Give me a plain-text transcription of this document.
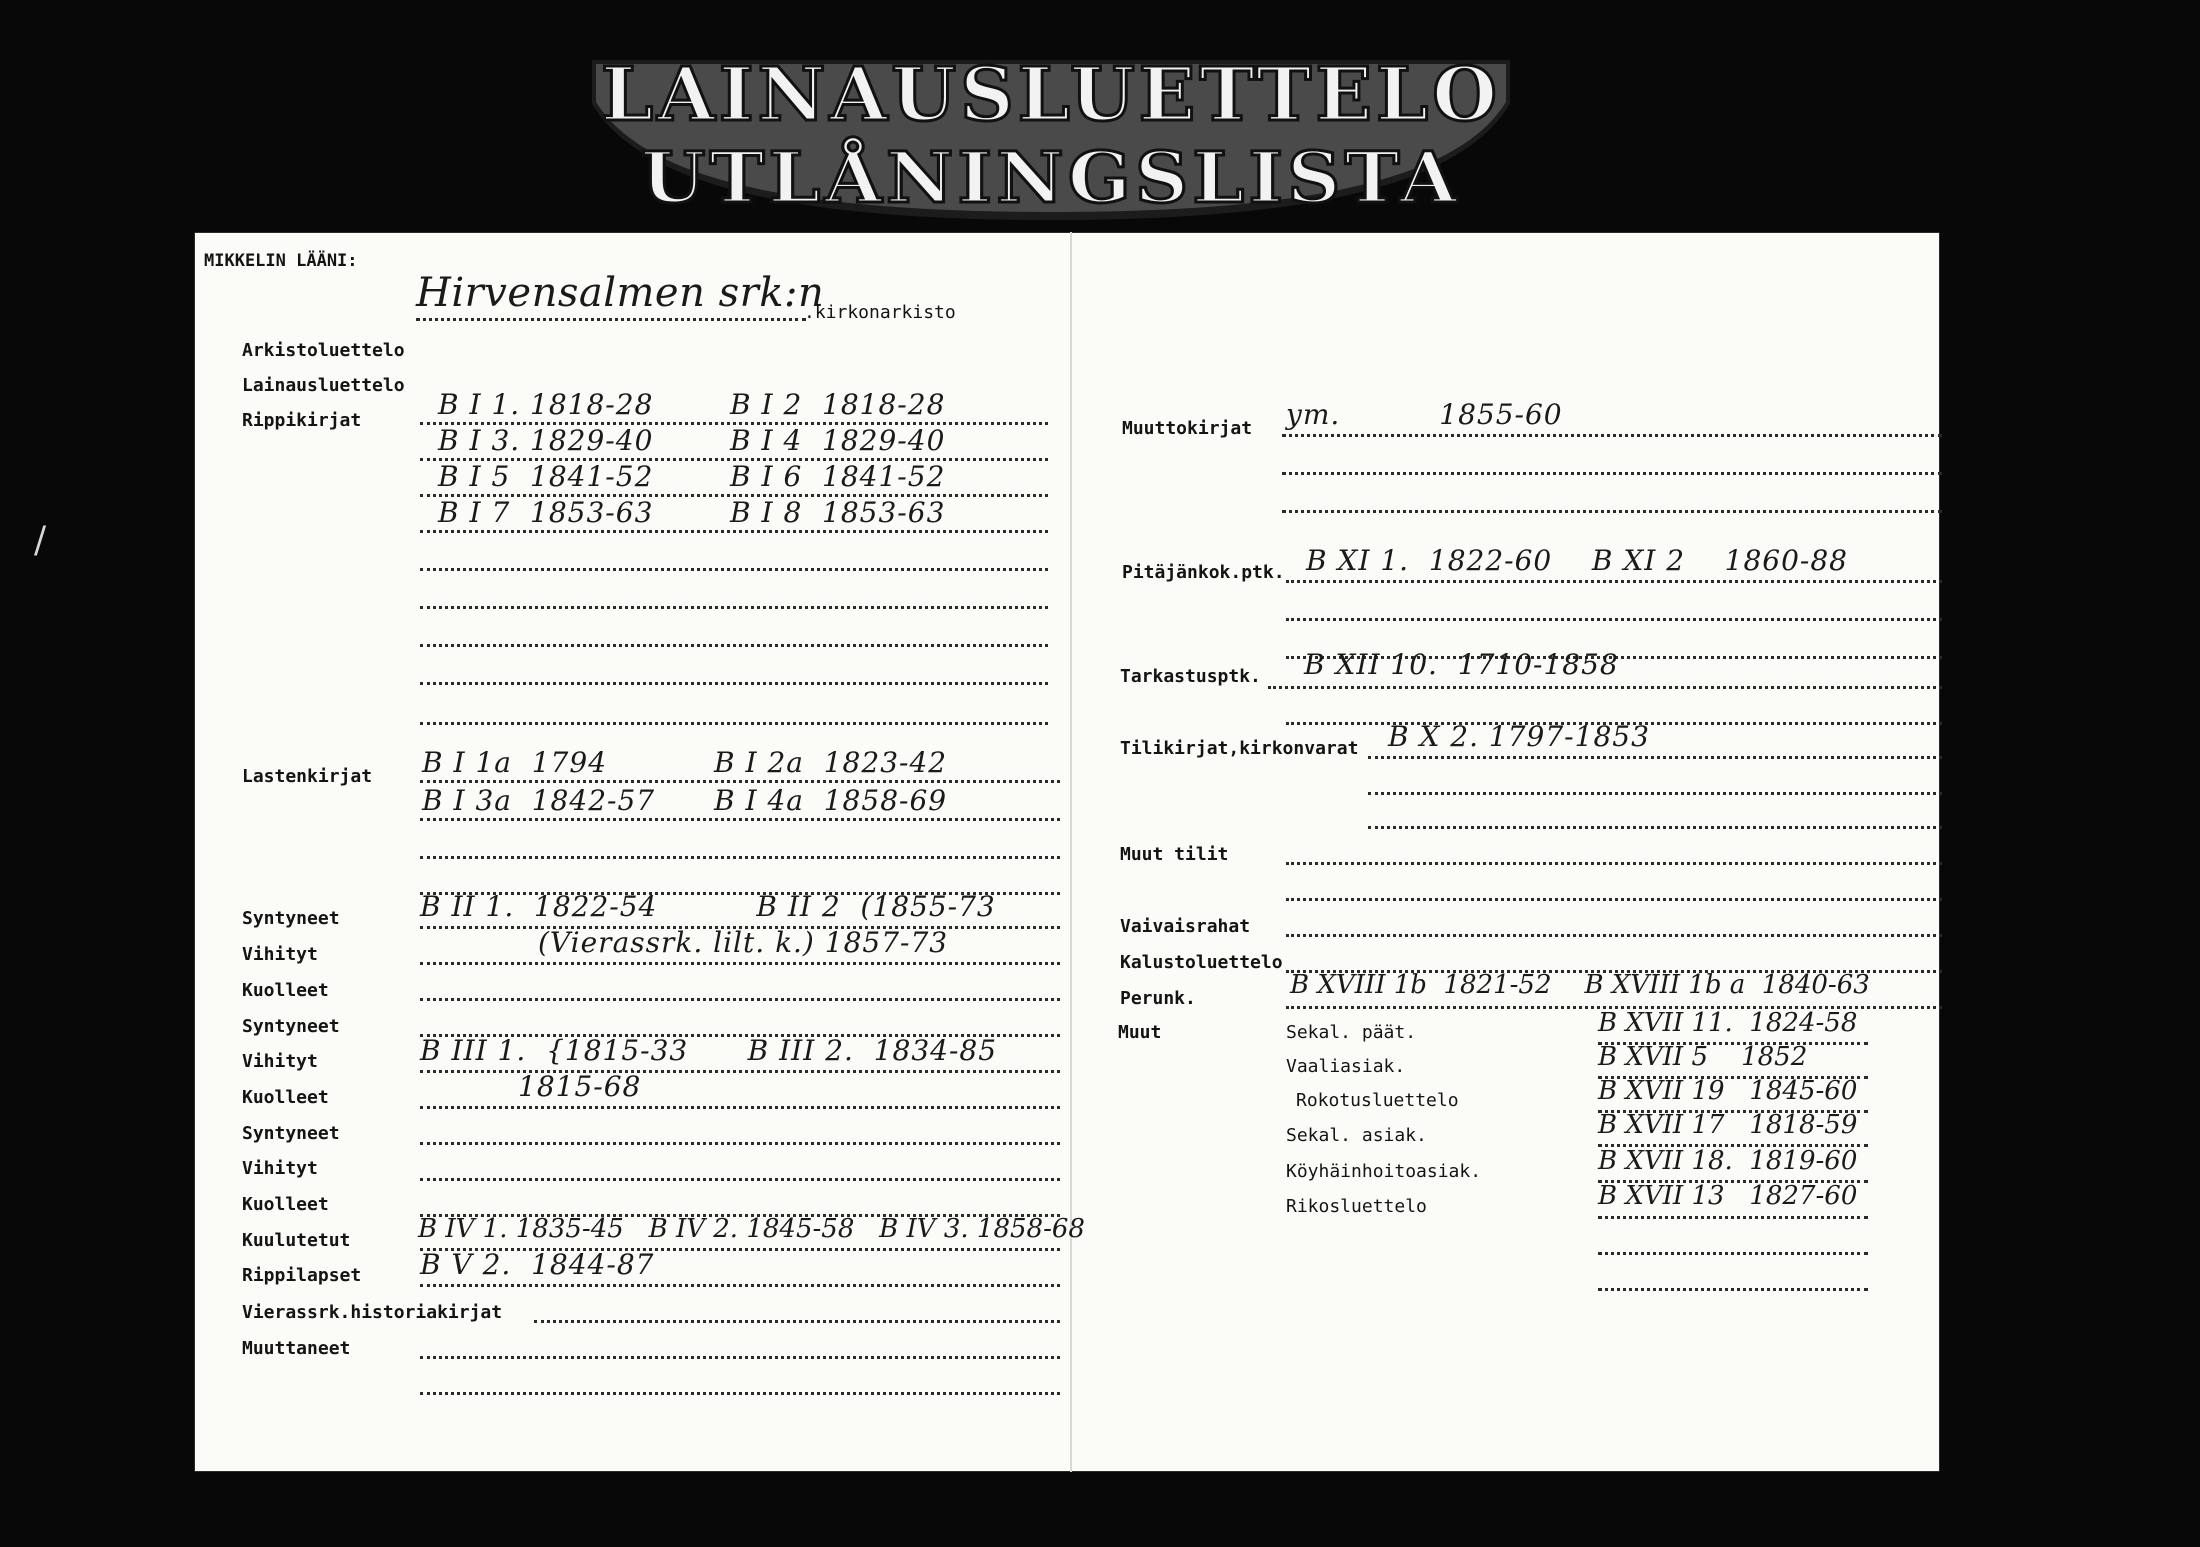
LAINAUSLUETTELO
UTLÅNINGSLISTA
/
MIKKELIN LÄÄNI:
Hirvensalmen srk:n
.kirkonarkisto
Arkistoluettelo
Lainausluettelo
Rippikirjat	B I 1. 1818-28	B I 2  1818-28
B I 3. 1829-40	B I 4  1829-40
B I 5  1841-52	B I 6  1841-52
B I 7  1853-63	B I 8  1853-63
Lastenkirjat B I 1a  1794	B I 2a  1823-42
B I 3a  1842-57 B I 4a  1858-69
Syntyneet	B II 1.  1822-54          B II 2  (1855-73
Vihityt	(Vierassrk. lilt. k.) 1857-73
Kuolleet
Syntyneet
Vihityt	B III 1.  {1815-33      B III 2.  1834-85
Kuolleet	1815-68
Syntyneet
Vihityt
Kuolleet
Kuulutetut	B IV 1. 1835-45   B IV 2. 1845-58   B IV 3. 1858-68
Rippilapset B V 2.  1844-87
Vierassrk.historiakirjat
Muuttaneet
Muuttokirjat ym.          1855-60
Pitäjänkok.ptk. B XI 1.  1822-60    B XI 2    1860-88
Tarkastusptk. B XII 10.  1710-1858
Tilikirjat,kirkonvarat B X 2. 1797-1853
Muut tilit
Vaivaisrahat
Kalustoluettelo
Perunk.	B XVIII 1b  1821-52    B XVIII 1b a  1840-63
Muut	Sekal. päät.	B XVII 11.  1824-58
Vaaliasiak.	B XVII 5    1852
Rokotusluettelo	B XVII 19   1845-60
Sekal. asiak.	B XVII 17   1818-59
Köyhäinhoitoasiak.	B XVII 18.  1819-60
Rikosluettelo	B XVII 13   1827-60
